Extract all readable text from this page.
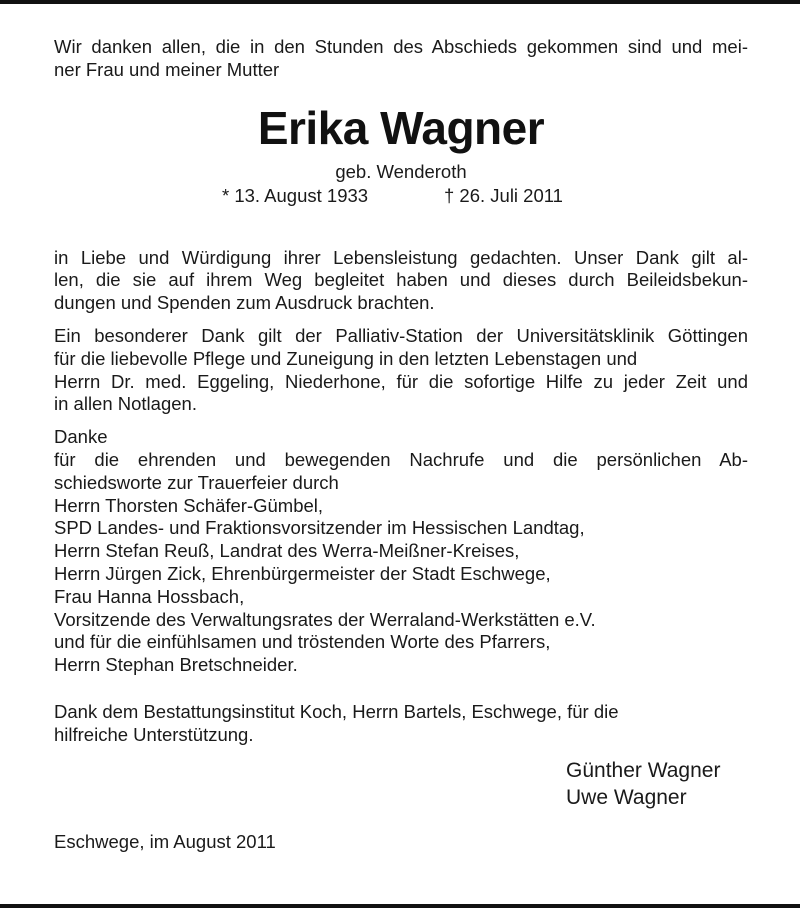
Wir danken allen, die in den Stunden des Abschieds gekommen sind und mei-
ner Frau und meiner Mutter
Erika Wagner
geb. Wenderoth
* 13. August 1933	† 26. Juli 2011
in Liebe und Würdigung ihrer Lebensleistung gedachten. Unser Dank gilt al-
len, die sie auf ihrem Weg begleitet haben und dieses durch Beileidsbekun-
dungen und Spenden zum Ausdruck brachten.
Ein besonderer Dank gilt der Palliativ-Station der Universitätsklinik Göttingen
für die liebevolle Pflege und Zuneigung in den letzten Lebenstagen und
Herrn Dr. med. Eggeling, Niederhone, für die sofortige Hilfe zu jeder Zeit und
in allen Notlagen.
Danke
für die ehrenden und bewegenden Nachrufe und die persönlichen Ab-
schiedsworte zur Trauerfeier durch
Herrn Thorsten Schäfer-Gümbel,
SPD Landes- und Fraktionsvorsitzender im Hessischen Landtag,
Herrn Stefan Reuß, Landrat des Werra-Meißner-Kreises,
Herrn Jürgen Zick, Ehrenbürgermeister der Stadt Eschwege,
Frau Hanna Hossbach,
Vorsitzende des Verwaltungsrates der Werraland-Werkstätten e.V.
und für die einfühlsamen und tröstenden Worte des Pfarrers,
Herrn Stephan Bretschneider.
Dank dem Bestattungsinstitut Koch, Herrn Bartels, Eschwege, für die
hilfreiche Unterstützung.
Günther Wagner
Uwe Wagner
Eschwege, im August 2011
